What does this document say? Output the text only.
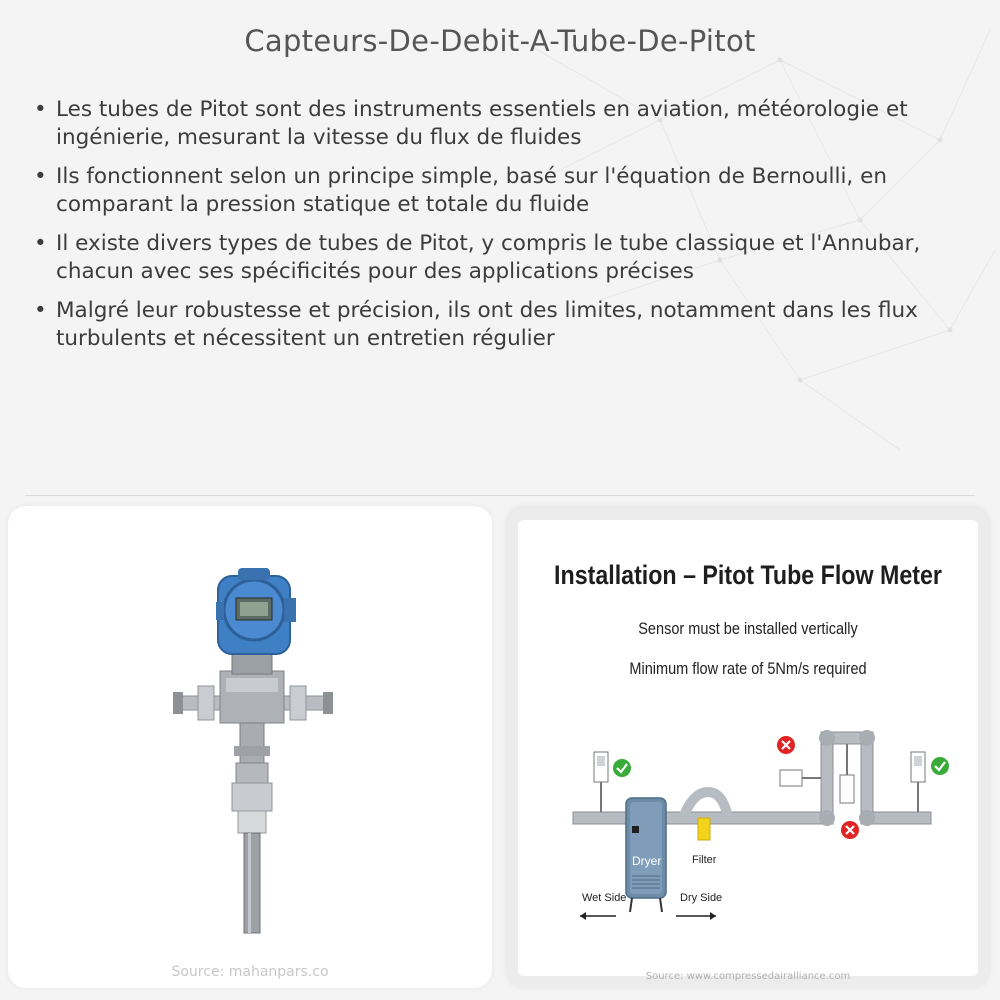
Capteurs-De-Debit-A-Tube-De-Pitot
• Les tubes de Pitot sont des instruments essentiels en aviation, météorologie et ingénierie, mesurant la vitesse du flux de fluides
• Ils fonctionnent selon un principe simple, basé sur l'équation de Bernoulli, en comparant la pression statique et totale du fluide
• Il existe divers types de tubes de Pitot, y compris le tube classique et l'Annubar, chacun avec ses spécificités pour des applications précises
• Malgré leur robustesse et précision, ils ont des limites, notamment dans les flux turbulents et nécessitent un entretien régulier
Source: mahanpars.co
Installation – Pitot Tube Flow Meter
Sensor must be installed vertically
Minimum flow rate of 5Nm/s required
Dryer	Filter
Wet Side	Dry Side
Source: www.compressedairalliance.com
